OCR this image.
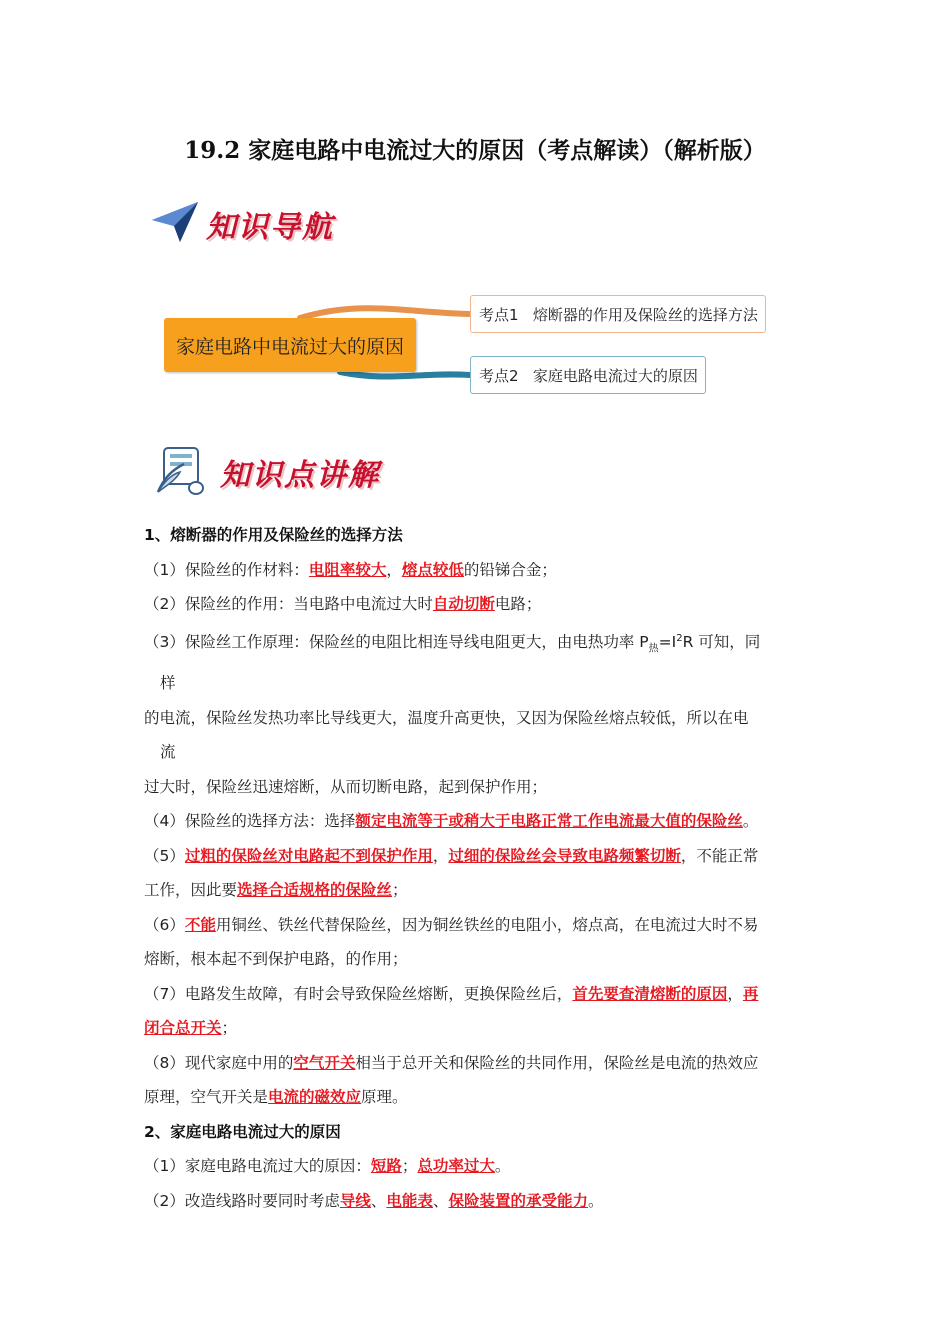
19.2 家庭电路中电流过大的原因（考点解读）（解析版）
知识导航
家庭电路中电流过大的原因
考点1   熔断器的作用及保险丝的选择方法
考点2   家庭电路电流过大的原因
知识点讲解

1、熔断器的作用及保险丝的选择方法

（1）保险丝的作材料：电阻率较大，熔点较低的铅锑合金；

（2）保险丝的作用：当电路中电流过大时自动切断电路；

（3）保险丝工作原理：保险丝的电阻比相连导线电阻更大，由电热功率 $P_热=I^2R$ 可知，同

样

的电流，保险丝发热功率比导线更大，温度升高更快，又因为保险丝熔点较低，所以在电

流

过大时，保险丝迅速熔断，从而切断电路，起到保护作用；

（4）保险丝的选择方法：选择额定电流等于或稍大于电路正常工作电流最大值的保险丝。

（5）过粗的保险丝对电路起不到保护作用，过细的保险丝会导致电路频繁切断，不能正常

工作，因此要选择合适规格的保险丝；

（6）不能用铜丝、铁丝代替保险丝，因为铜丝铁丝的电阻小，熔点高，在电流过大时不易

熔断，根本起不到保护电路，的作用；

（7）电路发生故障，有时会导致保险丝熔断，更换保险丝后，首先要查清熔断的原因，再

闭合总开关；

（8）现代家庭中用的空气开关相当于总开关和保险丝的共同作用，保险丝是电流的热效应

原理，空气开关是电流的磁效应原理。

2、家庭电路电流过大的原因

（1）家庭电路电流过大的原因：短路；总功率过大。

（2）改造线路时要同时考虑导线、电能表、保险装置的承受能力。
